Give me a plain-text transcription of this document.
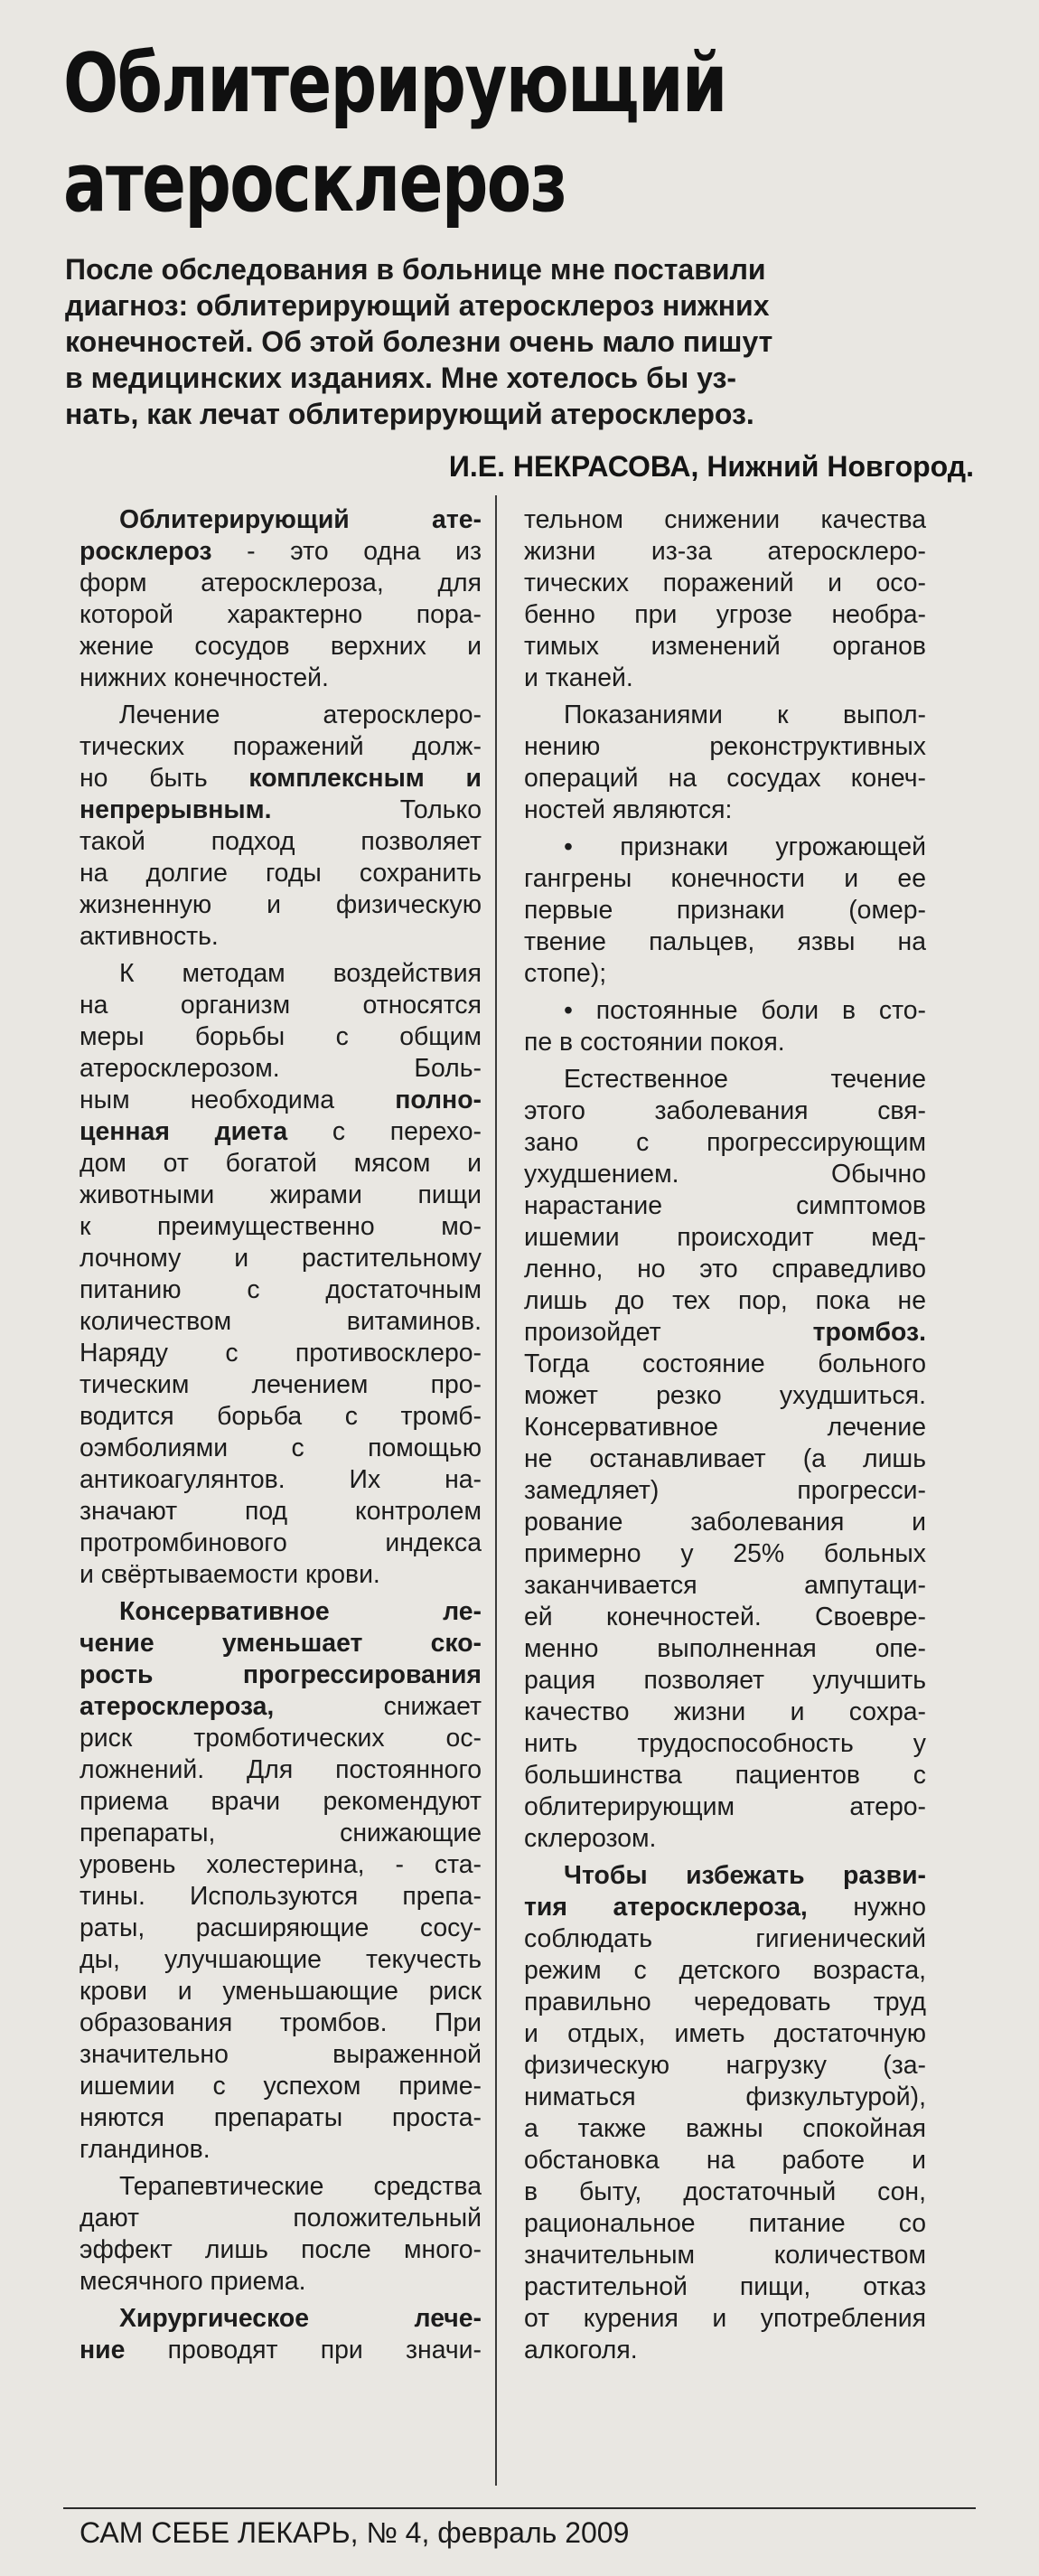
Облитерирующий
атеросклероз
После обследования в больнице мне поставили
диагноз: облитерирующий атеросклероз нижних
конечностей. Об этой болезни очень мало пишут
в медицинских изданиях. Мне хотелось бы уз-
нать, как лечат облитерирующий атеросклероз.
И.Е. НЕКРАСОВА, Нижний Новгород.
Облитерирующий ате-
росклероз - это одна из
форм атеросклероза, для
которой характерно пора-
жение сосудов верхних и
нижних конечностей.
Лечение атеросклеро-
тических поражений долж-
но быть комплексным и
непрерывным. Только
такой подход позволяет
на долгие годы сохранить
жизненную и физическую
активность.
К методам воздействия
на организм относятся
меры борьбы с общим
атеросклерозом. Боль-
ным необходима полно-
ценная диета с перехо-
дом от богатой мясом и
животными жирами пищи
к преимущественно мо-
лочному и растительному
питанию с достаточным
количеством витаминов.
Наряду с противосклеро-
тическим лечением про-
водится борьба с тромб-
оэмболиями с помощью
антикоагулянтов. Их на-
значают под контролем
протромбинового индекса
и свёртываемости крови.
Консервативное ле-
чение уменьшает ско-
рость прогрессирования
атеросклероза, снижает
риск тромботических ос-
ложнений. Для постоянного
приема врачи рекомендуют
препараты, снижающие
уровень холестерина, - ста-
тины. Используются препа-
раты, расширяющие сосу-
ды, улучшающие текучесть
крови и уменьшающие риск
образования тромбов. При
значительно выраженной
ишемии с успехом приме-
няются препараты проста-
гландинов.
Терапевтические средства
дают положительный
эффект лишь после много-
месячного приема.
Хирургическое лече-
ние проводят при значи-
тельном снижении качества
жизни из-за атеросклеро-
тических поражений и осо-
бенно при угрозе необра-
тимых изменений органов
и тканей.
Показаниями к выпол-
нению реконструктивных
операций на сосудах конеч-
ностей являются:
• признаки угрожающей
гангрены конечности и ее
первые признаки (омер-
твение пальцев, язвы на
стопе);
• постоянные боли в сто-
пе в состоянии покоя.
Естественное течение
этого заболевания свя-
зано с прогрессирующим
ухудшением. Обычно
нарастание симптомов
ишемии происходит мед-
ленно, но это справедливо
лишь до тех пор, пока не
произойдет тромбоз.
Тогда состояние больного
может резко ухудшиться.
Консервативное лечение
не останавливает (а лишь
замедляет) прогресси-
рование заболевания и
примерно у 25% больных
заканчивается ампутаци-
ей конечностей. Своевре-
менно выполненная опе-
рация позволяет улучшить
качество жизни и сохра-
нить трудоспособность у
большинства пациентов с
облитерирующим атеро-
склерозом.
Чтобы избежать разви-
тия атеросклероза, нужно
соблюдать гигиенический
режим с детского возраста,
правильно чередовать труд
и отдых, иметь достаточную
физическую нагрузку (за-
ниматься физкультурой),
а также важны спокойная
обстановка на работе и
в быту, достаточный сон,
рациональное питание со
значительным количеством
растительной пищи, отказ
от курения и употребления
алкоголя.
САМ СЕБЕ ЛЕКАРЬ, № 4, февраль 2009
